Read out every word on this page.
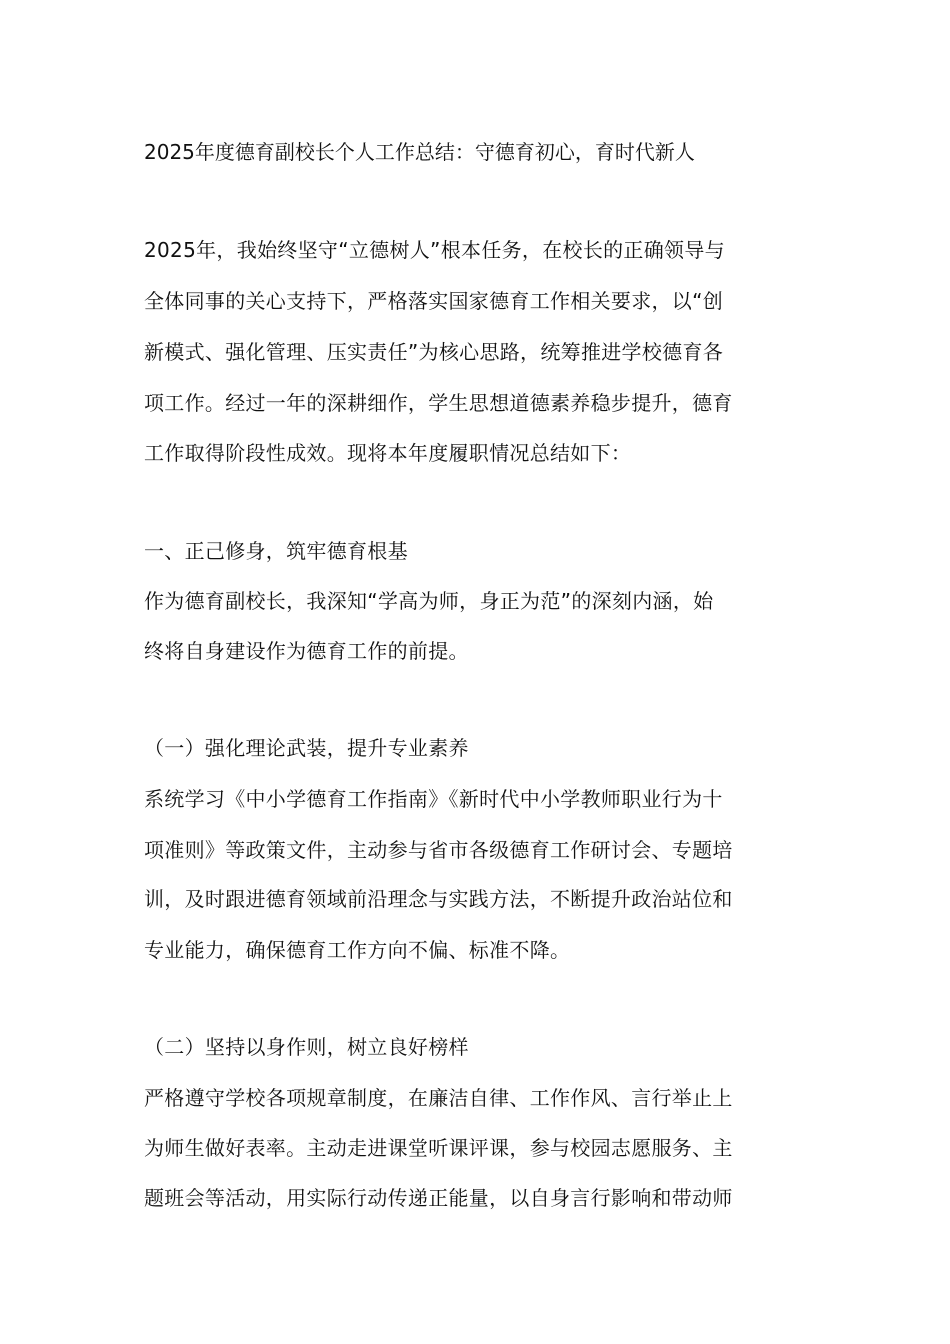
2025年度德育副校长个人工作总结：守德育初心，育时代新人
2025年，我始终坚守“立德树人”根本任务，在校长的正确领导与
全体同事的关心支持下，严格落实国家德育工作相关要求，以“创
新模式、强化管理、压实责任”为核心思路，统筹推进学校德育各
项工作。经过一年的深耕细作，学生思想道德素养稳步提升，德育
工作取得阶段性成效。现将本年度履职情况总结如下：
一、正己修身，筑牢德育根基
作为德育副校长，我深知“学高为师，身正为范”的深刻内涵，始
终将自身建设作为德育工作的前提。
（一）强化理论武装，提升专业素养
系统学习《中小学德育工作指南》《新时代中小学教师职业行为十
项准则》等政策文件，主动参与省市各级德育工作研讨会、专题培
训，及时跟进德育领域前沿理念与实践方法，不断提升政治站位和
专业能力，确保德育工作方向不偏、标准不降。
（二）坚持以身作则，树立良好榜样
严格遵守学校各项规章制度，在廉洁自律、工作作风、言行举止上
为师生做好表率。主动走进课堂听课评课，参与校园志愿服务、主
题班会等活动，用实际行动传递正能量，以自身言行影响和带动师
